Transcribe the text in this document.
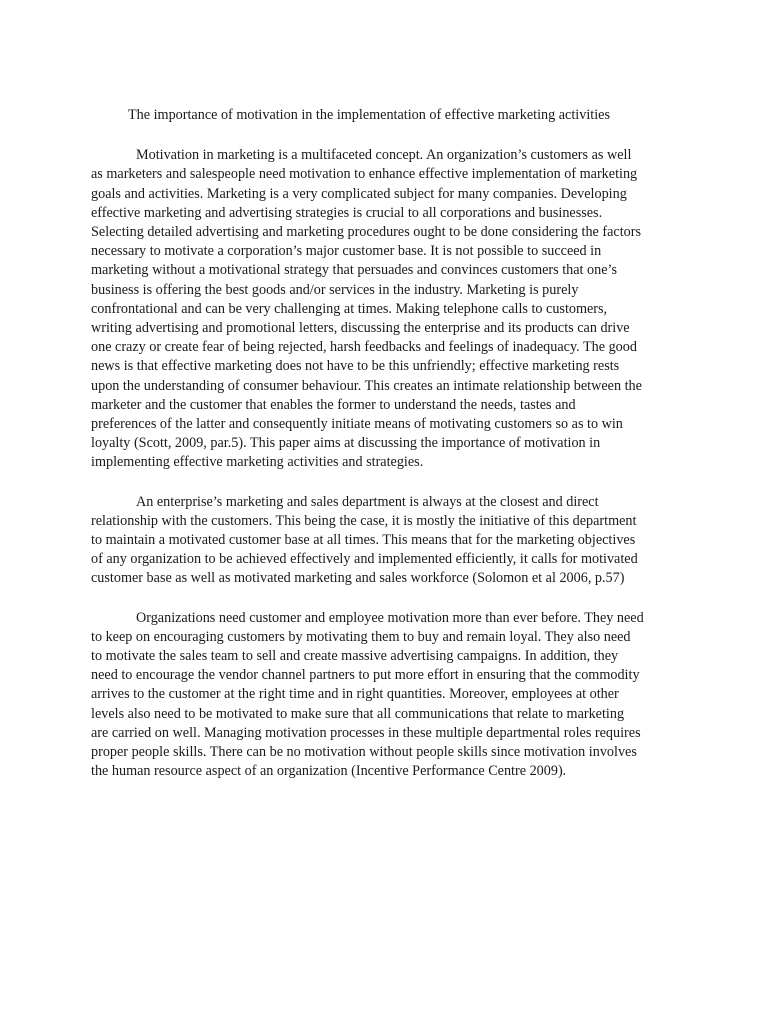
The importance of motivation in the implementation of effective marketing activities
Motivation in marketing is a multifaceted concept. An organization’s customers as well
as marketers and salespeople need motivation to enhance effective implementation of marketing
goals and activities. Marketing is a very complicated subject for many companies. Developing
effective marketing and advertising strategies is crucial to all corporations and businesses.
Selecting detailed advertising and marketing procedures ought to be done considering the factors
necessary to motivate a corporation’s major customer base. It is not possible to succeed in
marketing without a motivational strategy that persuades and convinces customers that one’s
business is offering the best goods and/or services in the industry. Marketing is purely
confrontational and can be very challenging at times. Making telephone calls to customers,
writing advertising and promotional letters, discussing the enterprise and its products can drive
one crazy or create fear of being rejected, harsh feedbacks and feelings of inadequacy. The good
news is that effective marketing does not have to be this unfriendly; effective marketing rests
upon the understanding of consumer behaviour. This creates an intimate relationship between the
marketer and the customer that enables the former to understand the needs, tastes and
preferences of the latter and consequently initiate means of motivating customers so as to win
loyalty (Scott, 2009, par.5). This paper aims at discussing the importance of motivation in
implementing effective marketing activities and strategies.
An enterprise’s marketing and sales department is always at the closest and direct
relationship with the customers. This being the case, it is mostly the initiative of this department
to maintain a motivated customer base at all times. This means that for the marketing objectives
of any organization to be achieved effectively and implemented efficiently, it calls for motivated
customer base as well as motivated marketing and sales workforce (Solomon et al 2006, p.57)
Organizations need customer and employee motivation more than ever before. They need
to keep on encouraging customers by motivating them to buy and remain loyal. They also need
to motivate the sales team to sell and create massive advertising campaigns. In addition, they
need to encourage the vendor channel partners to put more effort in ensuring that the commodity
arrives to the customer at the right time and in right quantities. Moreover, employees at other
levels also need to be motivated to make sure that all communications that relate to marketing
are carried on well. Managing motivation processes in these multiple departmental roles requires
proper people skills. There can be no motivation without people skills since motivation involves
the human resource aspect of an organization (Incentive Performance Centre 2009).
